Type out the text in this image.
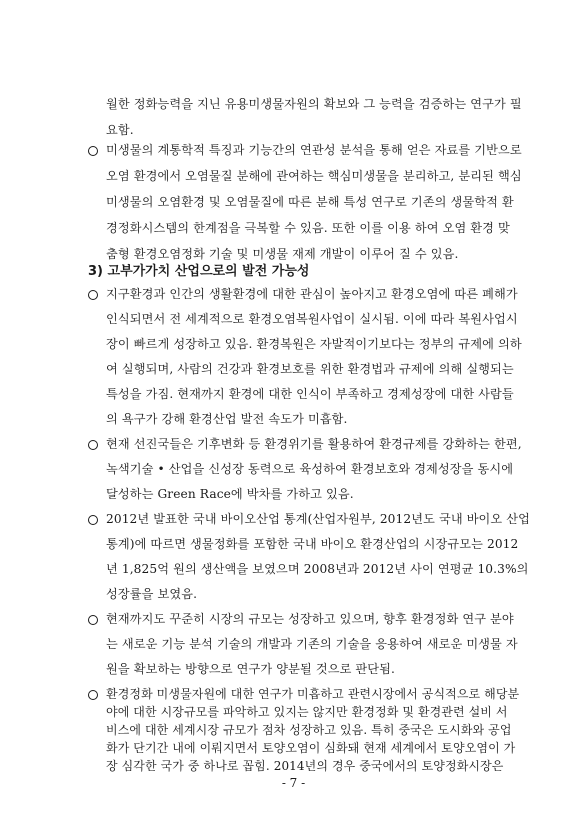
월한 정화능력을 지닌 유용미생물자원의 확보와 그 능력을 검증하는 연구가 필
요함.
미생물의 계통학적 특징과 기능간의 연관성 분석을 통해 얻은 자료를 기반으로
오염 환경에서 오염물질 분해에 관여하는 핵심미생물을 분리하고, 분리된 핵심
미생물의 오염환경 및 오염물질에 따른 분해 특성 연구로 기존의 생물학적 환
경정화시스템의 한계점을 극복할 수 있음. 또한 이를 이용 하여 오염 환경 맞
춤형 환경오염정화 기술 및 미생물 재제 개발이 이루어 질 수 있음.
3) 고부가가치 산업으로의 발전 가능성
지구환경과 인간의 생활환경에 대한 관심이 높아지고 환경오염에 따른 폐해가
인식되면서 전 세계적으로 환경오염복원사업이 실시됨. 이에 따라 복원사업시
장이 빠르게 성장하고 있음. 환경복원은 자발적이기보다는 정부의 규제에 의하
여 실행되며, 사람의 건강과 환경보호를 위한 환경법과 규제에 의해 실행되는
특성을 가짐. 현재까지 환경에 대한 인식이 부족하고 경제성장에 대한 사람들
의 욕구가 강해 환경산업 발전 속도가 미흡함.
현재 선진국들은 기후변화 등 환경위기를 활용하여 환경규제를 강화하는 한편,
녹색기술 • 산업을 신성장 동력으로 육성하여 환경보호와 경제성장을 동시에
달성하는 Green Race에 박차를 가하고 있음.
2012년 발표한 국내 바이오산업 통계(산업자원부, 2012년도 국내 바이오 산업
통계)에 따르면 생물정화를 포함한 국내 바이오 환경산업의 시장규모는 2012
년 1,825억 원의 생산액을 보였으며 2008년과 2012년 사이 연평균 10.3%의
성장률을 보였음.
현재까지도 꾸준히 시장의 규모는 성장하고 있으며, 향후 환경정화 연구 분야
는 새로운 기능 분석 기술의 개발과 기존의 기술을 응용하여 새로운 미생물 자
원을 확보하는 방향으로 연구가 양분될 것으로 판단됨.
환경정화 미생물자원에 대한 연구가 미흡하고 관련시장에서 공식적으로 해당분
야에 대한 시장규모를 파악하고 있지는 않지만 환경정화 및 환경관련 설비 서
비스에 대한 세계시장 규모가 점차 성장하고 있음. 특히 중국은 도시화와 공업
- 7 -
화가 단기간 내에 이뤄지면서 토양오염이 심화돼 현재 세계에서 토양오염이 가
장 심각한 국가 중 하나로 꼽힘. 2014년의 경우 중국에서의 토양정화시장은
